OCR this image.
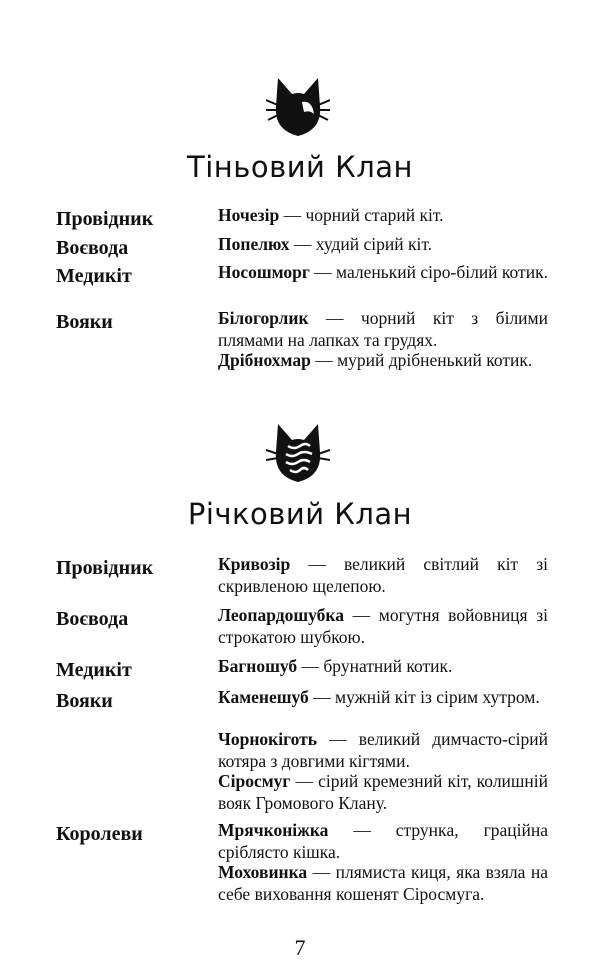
Тіньовий Клан
Провідник
Воєвода
Медикіт
Вояки
Ночезір — чорний старий кіт.
Попелюх — худий сірий кіт.
Носошморг — маленький сіро-білий котик.
Білогорлик — чорний кіт з білими плямами на лапках та грудях.
Дрібнохмар — мурий дрібненький котик.
Річковий Клан
Провідник
Воєвода
Медикіт
Вояки
Королеви
Кривозір — великий світлий кіт зі скривленою щелепою.
Леопардошубка — могутня войовниця зі строкатою шубкою.
Багношуб — брунатний котик.
Каменешуб — мужній кіт із сірим хутром.
Чорнокіготь — великий димчасто-сірий котяра з довгими кігтями.
Сіросмуг — сірий кремезний кіт, колишній вояк Громового Клану.
Мрячконіжка — стрункa, граційна сріблясто кішка.
Моховинка — плямиста киця, яка взяла на себе виховання кошенят Сіросмуга.
7
